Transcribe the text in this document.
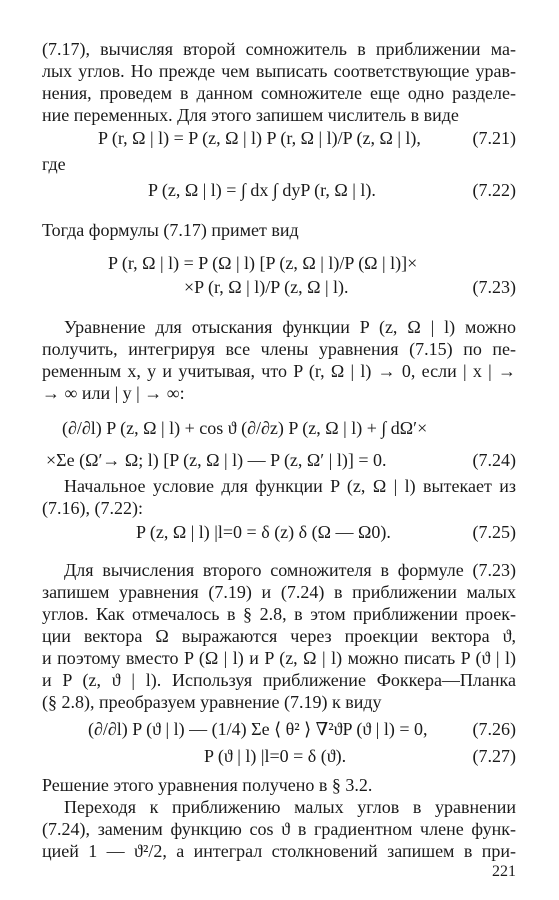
(7.17), вычисляя второй сомножитель в приближении ма-
лых углов. Но прежде чем выписать соответствующие урав-
нения, проведем в данном сомножителе еще одно разделе-
ние переменных. Для этого запишем числитель в виде
P (r, Ω | l) = P (z, Ω | l) P (r, Ω | l)/P (z, Ω | l),	(7.21)
где
P (z, Ω | l) = ∫ dx ∫ dyP (r, Ω | l).	(7.22)
Тогда формулы (7.17) примет вид
P (r, Ω | l) = P (Ω | l) [P (z, Ω | l)/P (Ω | l)]×
×P (r, Ω | l)/P (z, Ω | l).	(7.23)
Уравнение для отыскания функции P (z, Ω | l) можно
получить, интегрируя все члены уравнения (7.15) по пе-
ременным x, y и учитывая, что P (r, Ω | l) → 0, если | x | →
→ ∞ или | y | → ∞:
(∂/∂l) P (z, Ω | l) + cos ϑ (∂/∂z) P (z, Ω | l) + ∫ dΩ′×
×Σe (Ω′→ Ω; l) [P (z, Ω | l) — P (z, Ω′ | l)] = 0.	(7.24)
Начальное условие для функции P (z, Ω | l) вытекает из
(7.16), (7.22):
P (z, Ω | l) |l=0 = δ (z) δ (Ω — Ω0).	(7.25)
Для вычисления второго сомножителя в формуле (7.23)
запишем уравнения (7.19) и (7.24) в приближении малых
углов. Как отмечалось в § 2.8, в этом приближении проек-
ции вектора Ω выражаются через проекции вектора ϑ,
и поэтому вместо P (Ω | l) и P (z, Ω | l) можно писать P (ϑ | l)
и P (z, ϑ | l). Используя приближение Фоккера—Планка
(§ 2.8), преобразуем уравнение (7.19) к виду
(∂/∂l) P (ϑ | l) — (1/4) Σe ⟨ θ² ⟩ ∇²ϑP (ϑ | l) = 0, (7.26)
P (ϑ | l) |l=0 = δ (ϑ).	(7.27)
Решение этого уравнения получено в § 3.2.
Переходя к приближению малых углов в уравнении
(7.24), заменим функцию cos ϑ в градиентном члене функ-
цией 1 — ϑ²/2, а интеграл столкновений запишем в при-
221
